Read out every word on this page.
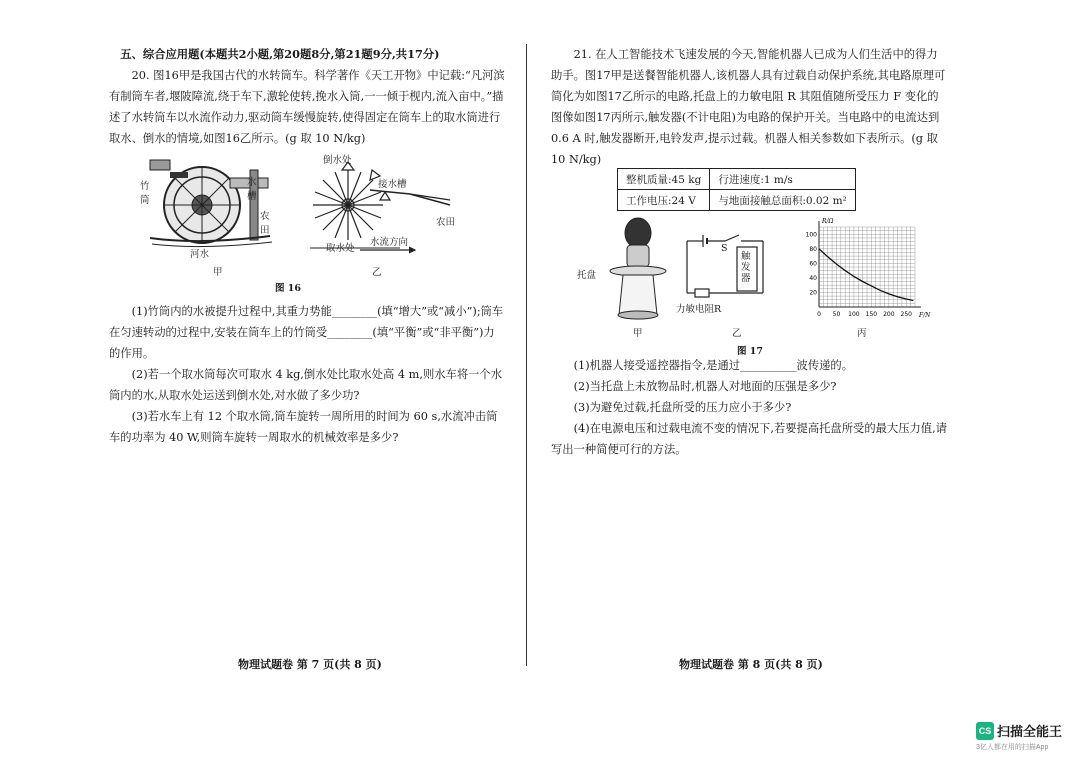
五、综合应用题(本题共2小题,第20题8分,第21题9分,共17分)

20. 图16甲是我国古代的水转筒车。科学著作《天工开物》中记载:“凡河滨有制筒车者,堰陂障流,绕于车下,激轮使转,挽水入筒,一一倾于枧内,流入亩中。”描述了水转筒车以水流作动力,驱动筒车缓慢旋转,使得固定在筒车上的取水筒进行取水、倒水的情境,如图16乙所示。(g 取 10 N/kg)

竹筒
水槽
农田
河水
甲
倒水处
接水槽
农田
取水处
水流方向
乙
图 16

(1)竹筒内的水被提升过程中,其重力势能________(填“增大”或“减小”);筒车在匀速转动的过程中,安装在筒车上的竹筒受________(填“平衡”或“非平衡”)力的作用。

(2)若一个取水筒每次可取水 4 kg,倒水处比取水处高 4 m,则水车将一个水筒内的水,从取水处运送到倒水处,对水做了多少功?

(3)若水车上有 12 个取水筒,筒车旋转一周所用的时间为 60 s,水流冲击筒车的功率为 40 W,则筒车旋转一周取水的机械效率是多少?

21. 在人工智能技术飞速发展的今天,智能机器人已成为人们生活中的得力助手。图17甲是送餐智能机器人,该机器人具有过载自动保护系统,其电路原理可简化为如图17乙所示的电路,托盘上的力敏电阻 R 其阻值随所受压力 F 变化的图像如图17丙所示,触发器(不计电阻)为电路的保护开关。当电路中的电流达到 0.6 A 时,触发器断开,电铃发声,提示过载。机器人相关参数如下表所示。(g 取 10 N/kg)

整机质量:45 kg	行进速度:1 m/s
工作电压:24 V	与地面接触总面积:0.02 m²
托盘
甲
S
触发器
力敏电阻R
乙
0 50 100 150 200 250
20
40
60
80
100
F/N
R/Ω
丙
图 17

(1)机器人接受遥控器指令,是通过__________波传递的。

(2)当托盘上未放物品时,机器人对地面的压强是多少?

(3)为避免过载,托盘所受的压力应小于多少?

(4)在电源电压和过载电流不变的情况下,若要提高托盘所受的最大压力值,请写出一种简便可行的方法。

物理试题卷 第 7 页(共 8 页)	物理试题卷 第 8 页(共 8 页)
CS 扫描全能王
3亿人都在用的扫描App
